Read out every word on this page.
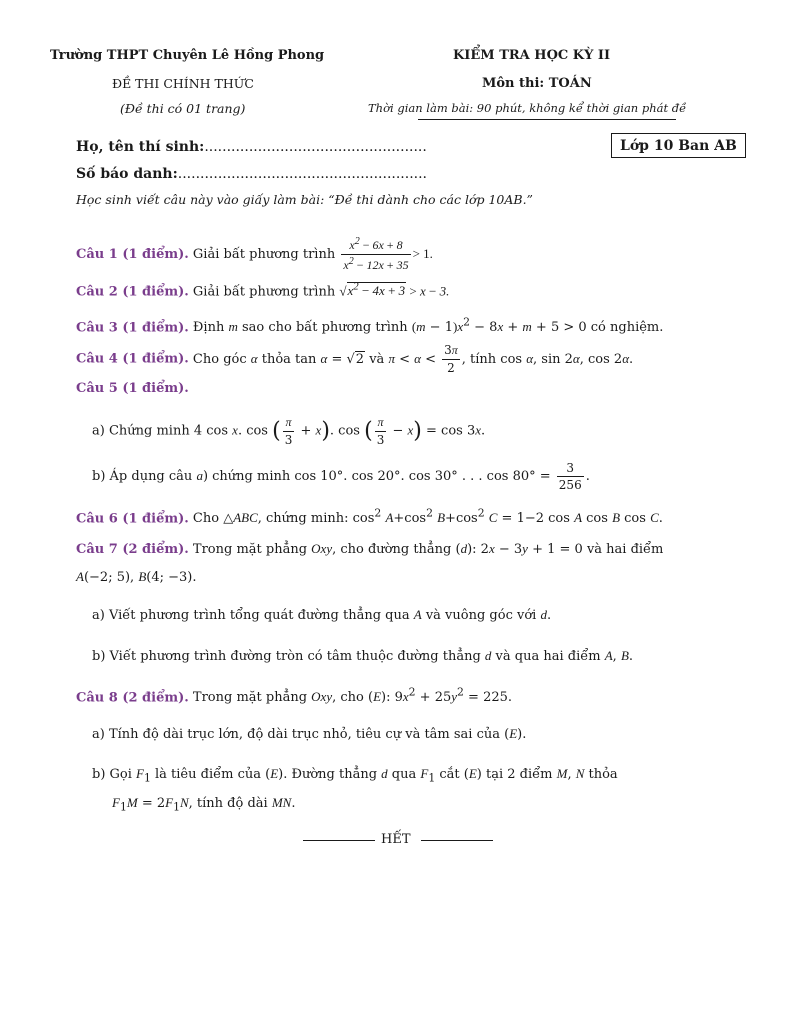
Trường THPT Chuyên Lê Hồng Phong
ĐỀ THI CHÍNH THỨC
(Đề thi có 01 trang)
KIỂM TRA HỌC KỲ II
Môn thi: TOÁN
Thời gian làm bài: 90 phút, không kể thời gian phát đề
Họ, tên thí sinh:..................................................	Lớp 10 Ban AB
Số báo danh:........................................................
Học sinh viết câu này vào giấy làm bài: “Đề thi dành cho các lớp 10AB.”
Câu 1 (1 điểm). Giải bất phương trình $\frac{x^2 - 6x + 8}{x^2 - 12x + 35} > 1$.
Câu 2 (1 điểm). Giải bất phương trình $√x^2 - 4x + 3 > x - 3$.
Câu 3 (1 điểm). Định m sao cho bất phương trình $(m - 1)x^2 - 8x + m + 5 > 0$ có nghiệm.
Câu 4 (1 điểm). Cho góc α thỏa tan α = √2 và $\pi < \alpha < \frac{3\pi}{2}$ , tính cos α, sin 2α, cos 2α.
Câu 5 (1 điểm).
a) Chứng minh 4 cos x. cos ( $\frac{\pi}{3} + x$). cos ( $\frac{\pi}{3} - x) = \cos 3x$.
b) Áp dụng câu a) chứng minh cos 10°. cos 20°. cos 30° . . . $\cos 80^\circ = \frac{3}{256}$ .
Câu 6 (1 điểm). Cho △ABC, chứng minh: $\cos^2 A+\cos^2$ $B+\cos^2$ C = 1−2 cos A cos B cos C.
Câu 7 (2 điểm). Trong mặt phẳng Oxy, cho đường thẳng (d): 2x − 3y + 1 = 0 và hai điểm
A(−2; 5), B(4; −3).
a) Viết phương trình tổng quát đường thẳng qua A và vuông góc với d.
b) Viết phương trình đường tròn có tâm thuộc đường thẳng d và qua hai điểm A, B.
Câu 8 (2 điểm). Trong mặt phẳng Oxy, cho (E): $9x^2 + 25y^2 = 225$.
a) Tính độ dài trục lớn, độ dài trục nhỏ, tiêu cự và tâm sai của (E).
b) Gọi $F_1$ là tiêu điểm của (E). Đường thẳng d qua $F_1$ cắt (E) tại 2 điểm M, N thỏa
$F_1M = 2F_1N$, tính độ dài MN.
HẾT
